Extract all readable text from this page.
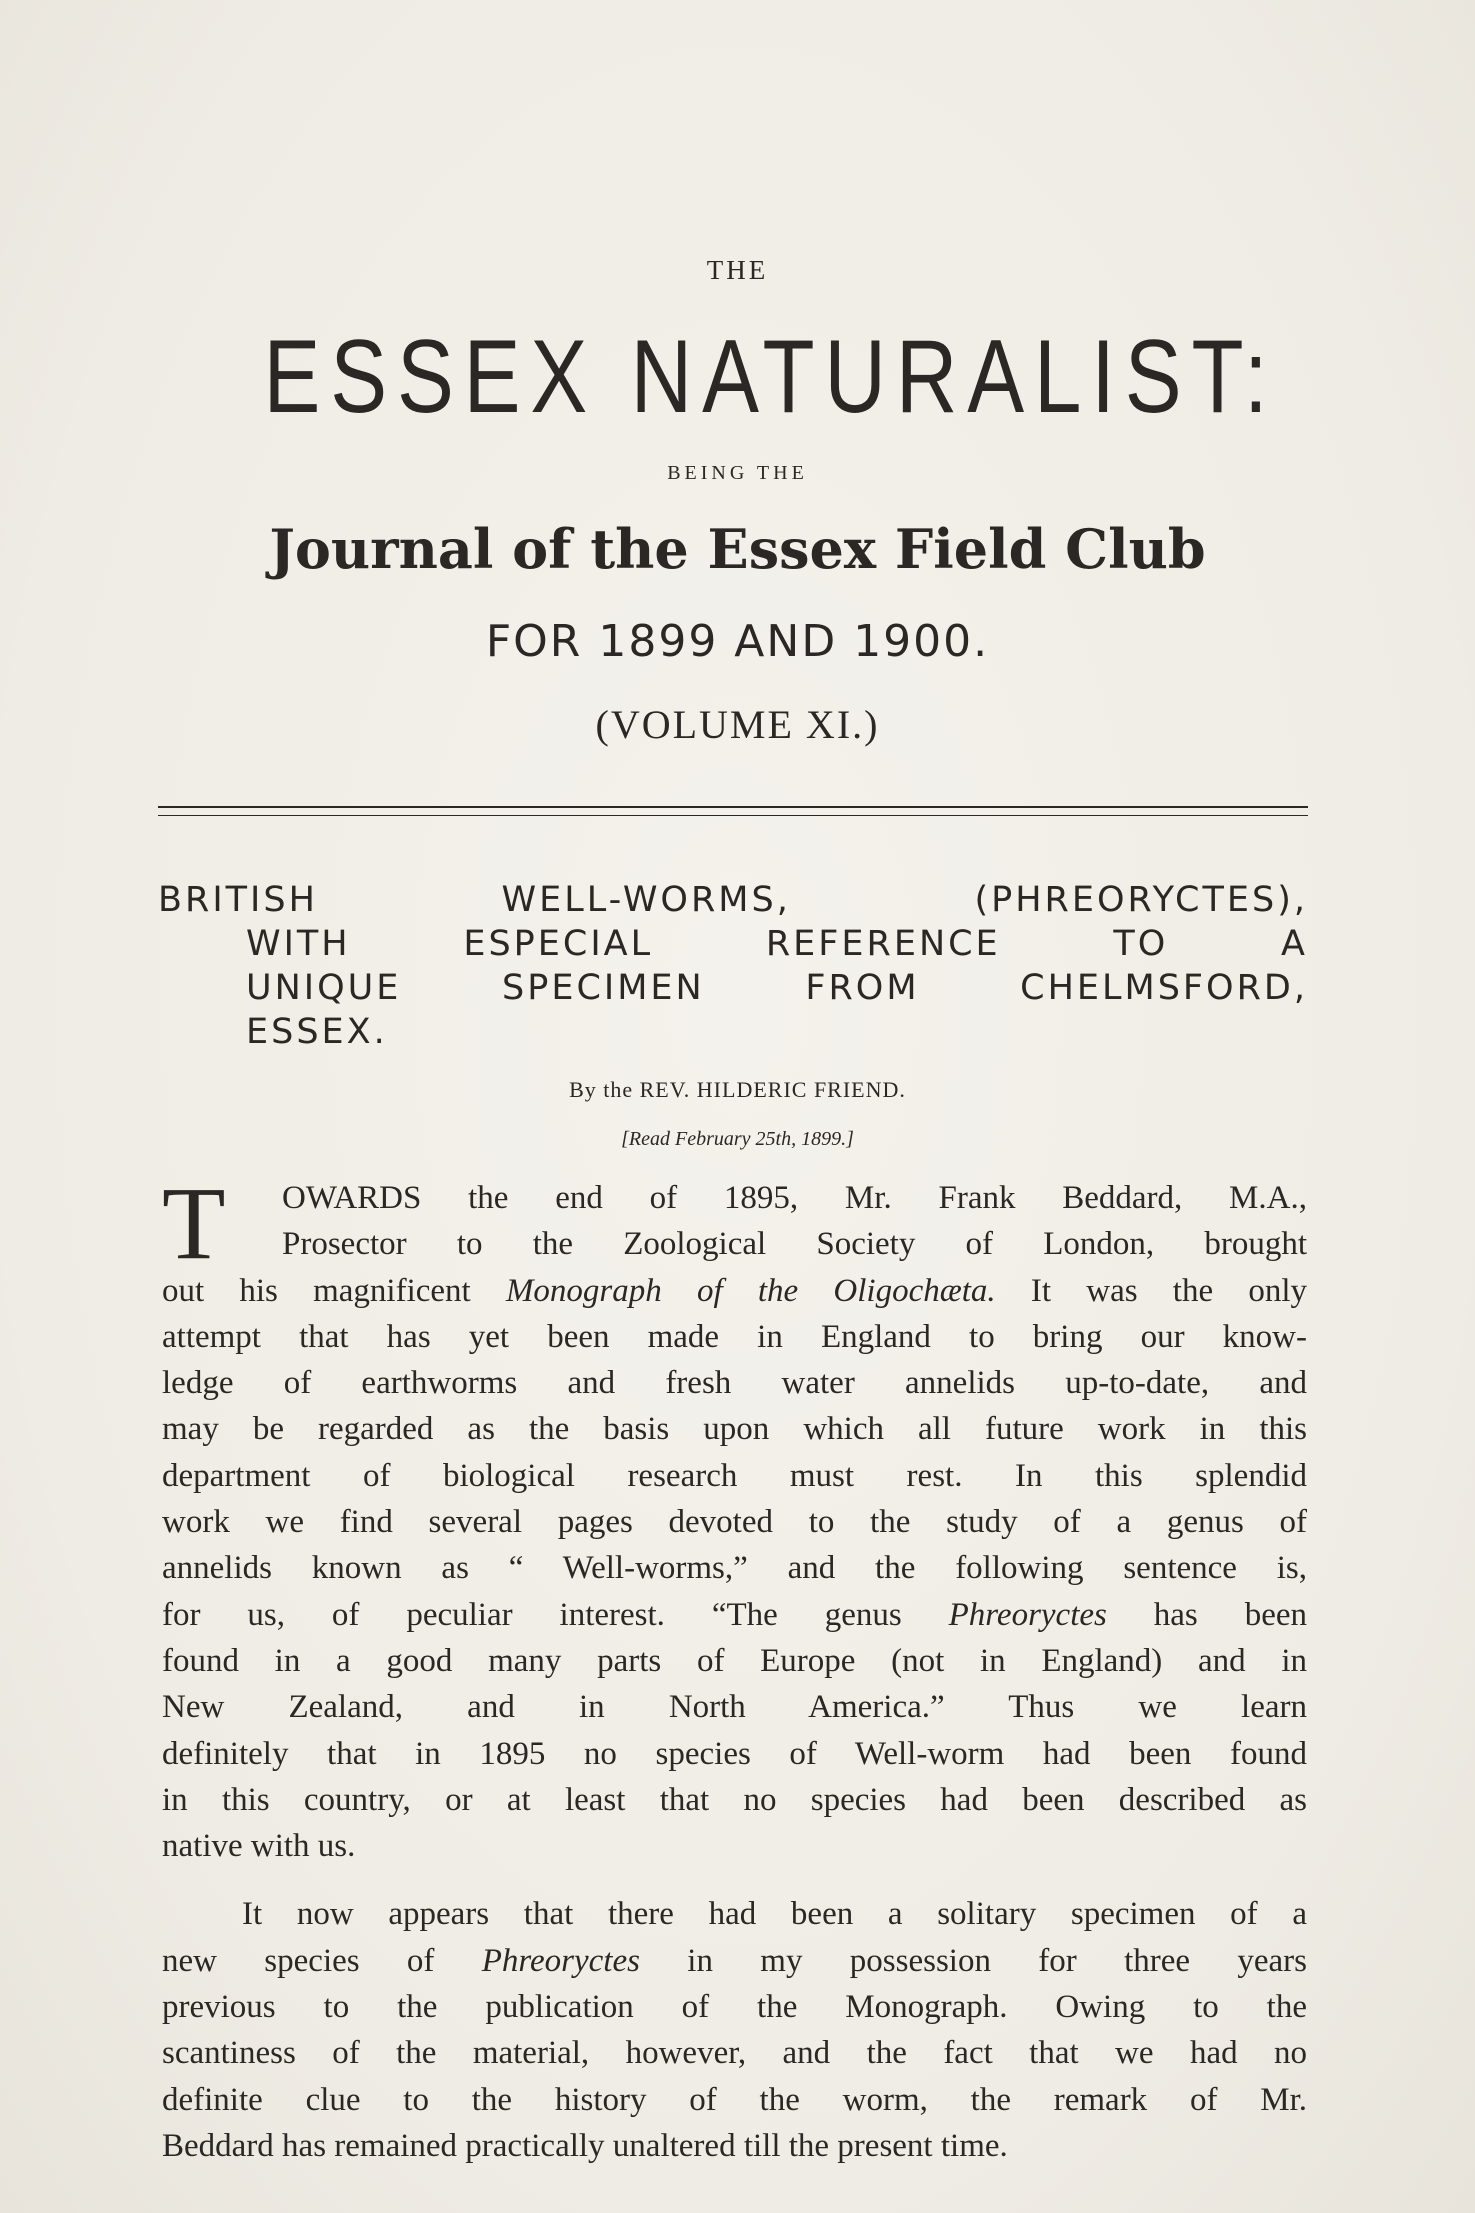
THE
ESSEX NATURALIST:
BEING THE
Journal of the Essex Field Club
FOR 1899 AND 1900.
(VOLUME XI.)
BRITISH WELL-WORMS, (PHREORYCTES),
WITH ESPECIAL REFERENCE TO A
UNIQUE SPECIMEN FROM CHELMSFORD,
ESSEX.
By the REV. HILDERIC FRIEND.
[Read February 25th, 1899.]
T	OWARDS the end of 1895, Mr. Frank Beddard, M.A.,
Prosector to the Zoological Society of London, brought
out his magnificent Monograph of the Oligochæta. It was the only
attempt that has yet been made in England to bring our know-
ledge of earthworms and fresh water annelids up-to-date, and
may be regarded as the basis upon which all future work in this
department of biological research must rest. In this splendid
work we find several pages devoted to the study of a genus of
annelids known as “ Well-worms,” and the following sentence is,
for us, of peculiar interest. “The genus Phreoryctes has been
found in a good many parts of Europe (not in England) and in
New Zealand, and in North America.” Thus we learn
definitely that in 1895 no species of Well-worm had been found
in this country, or at least that no species had been described as
native with us.
It now appears that there had been a solitary specimen of a
new species of Phreoryctes in my possession for three years
previous to the publication of the Monograph. Owing to the
scantiness of the material, however, and the fact that we had no
definite clue to the history of the worm, the remark of Mr.
Beddard has remained practically unaltered till the present time.
